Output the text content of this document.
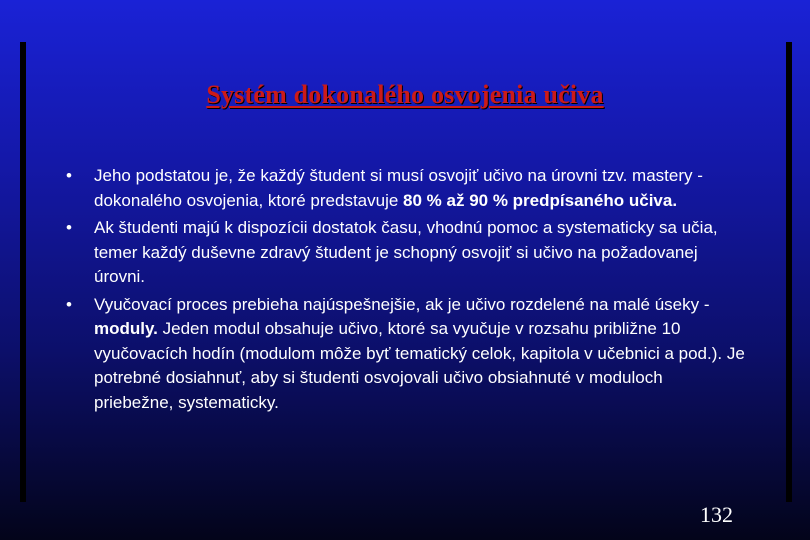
Systém dokonalého osvojenia učiva
• Jeho podstatou je, že každý študent si musí osvojiť učivo na úrovni tzv. mastery - dokonalého osvojenia, ktoré predstavuje 80 % až 90 % predpísaného učiva.
• Ak študenti majú k dispozícii dostatok času, vhodnú pomoc a systematicky sa učia, temer každý duševne zdravý študent je schopný osvojiť si učivo na požadovanej úrovni.
• Vyučovací proces prebieha najúspešnejšie, ak je učivo rozdelené na malé úseky - moduly. Jeden modul obsahuje učivo, ktoré sa vyučuje v rozsahu približne 10 vyučovacích hodín (modulom môže byť tematický celok, kapitola v učebnici a pod.). Je potrebné dosiahnuť, aby si študenti osvojovali učivo obsiahnuté v moduloch priebežne, systematicky.
132
